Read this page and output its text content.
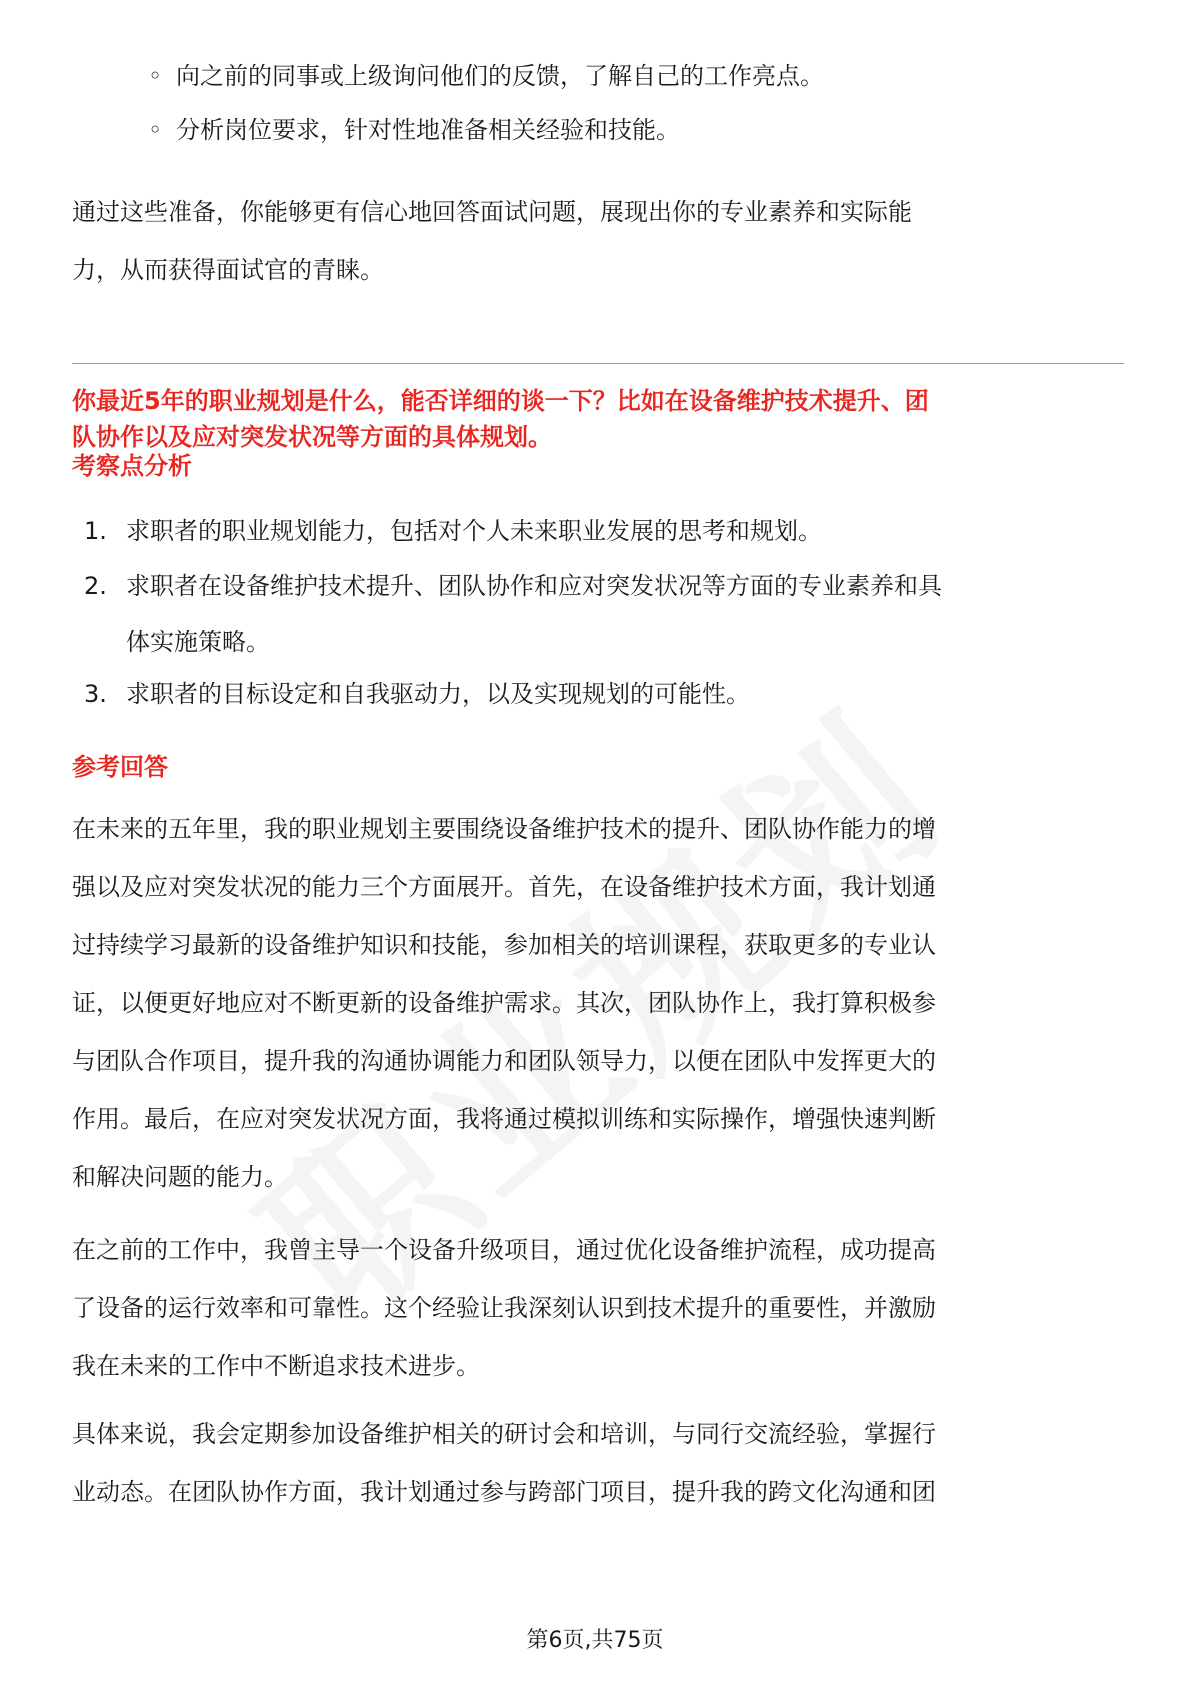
◦ 向之前的同事或上级询问他们的反馈，了解自己的工作亮点。
◦ 分析岗位要求，针对性地准备相关经验和技能。
通过这些准备，你能够更有信心地回答面试问题，展现出你的专业素养和实际能
力，从而获得面试官的青睐。
你最近5年的职业规划是什么，能否详细的谈一下？比如在设备维护技术提升、团
队协作以及应对突发状况等方面的具体规划。
考察点分析
1. 求职者的职业规划能力，包括对个人未来职业发展的思考和规划。
2. 求职者在设备维护技术提升、团队协作和应对突发状况等方面的专业素养和具
体实施策略。
3. 求职者的目标设定和自我驱动力，以及实现规划的可能性。
参考回答
在未来的五年里，我的职业规划主要围绕设备维护技术的提升、团队协作能力的增
强以及应对突发状况的能力三个方面展开。首先，在设备维护技术方面，我计划通
过持续学习最新的设备维护知识和技能，参加相关的培训课程，获取更多的专业认
证，以便更好地应对不断更新的设备维护需求。其次，团队协作上，我打算积极参
与团队合作项目，提升我的沟通协调能力和团队领导力，以便在团队中发挥更大的
作用。最后，在应对突发状况方面，我将通过模拟训练和实际操作，增强快速判断
和解决问题的能力。
在之前的工作中，我曾主导一个设备升级项目，通过优化设备维护流程，成功提高
了设备的运行效率和可靠性。这个经验让我深刻认识到技术提升的重要性，并激励
我在未来的工作中不断追求技术进步。
具体来说，我会定期参加设备维护相关的研讨会和培训，与同行交流经验，掌握行
业动态。在团队协作方面，我计划通过参与跨部门项目，提升我的跨文化沟通和团
第6页,共75页
